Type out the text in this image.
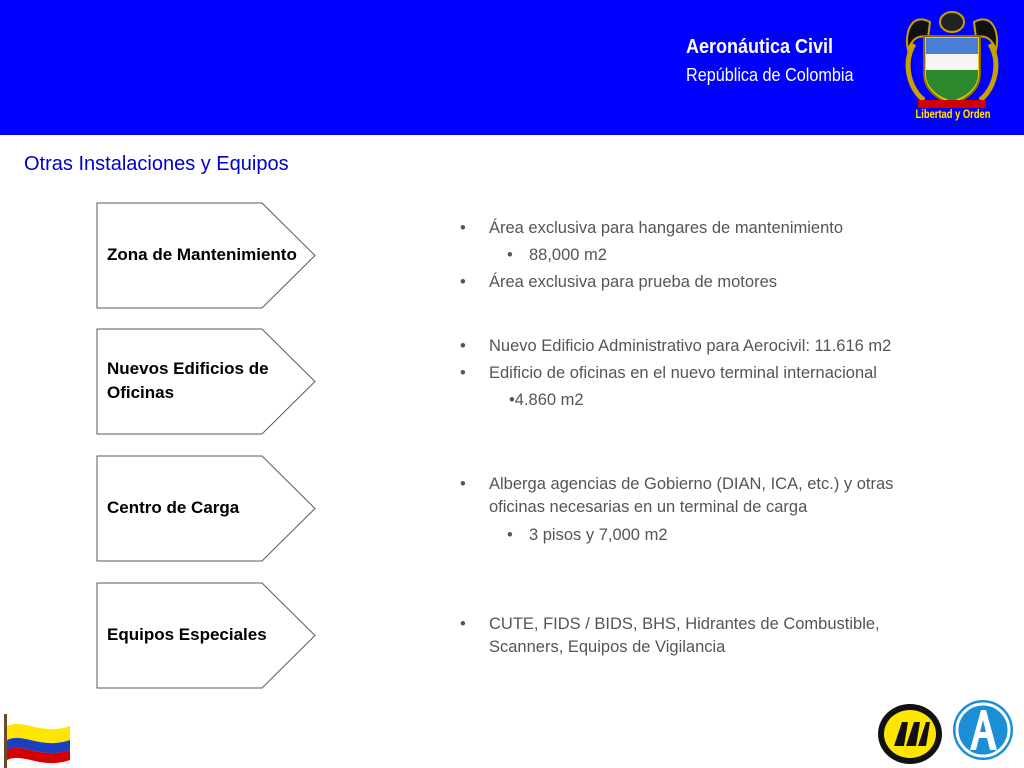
Aeronáutica Civil
República de Colombia
Libertad y Orden
Otras Instalaciones y Equipos
Zona de Mantenimiento
Nuevos Edificios de Oficinas
Centro de Carga
Equipos Especiales
• Área exclusiva para hangares de mantenimiento
• 88,000 m2
• Área exclusiva para prueba de motores
• Nuevo Edificio Administrativo para Aerocivil: 11.616 m2
• Edificio de oficinas en el nuevo terminal internacional
•4.860 m2
• Alberga agencias de Gobierno (DIAN, ICA, etc.) y otras oficinas necesarias en un terminal de carga
• 3 pisos y 7,000 m2
• CUTE, FIDS / BIDS, BHS, Hidrantes de Combustible, Scanners, Equipos de Vigilancia
